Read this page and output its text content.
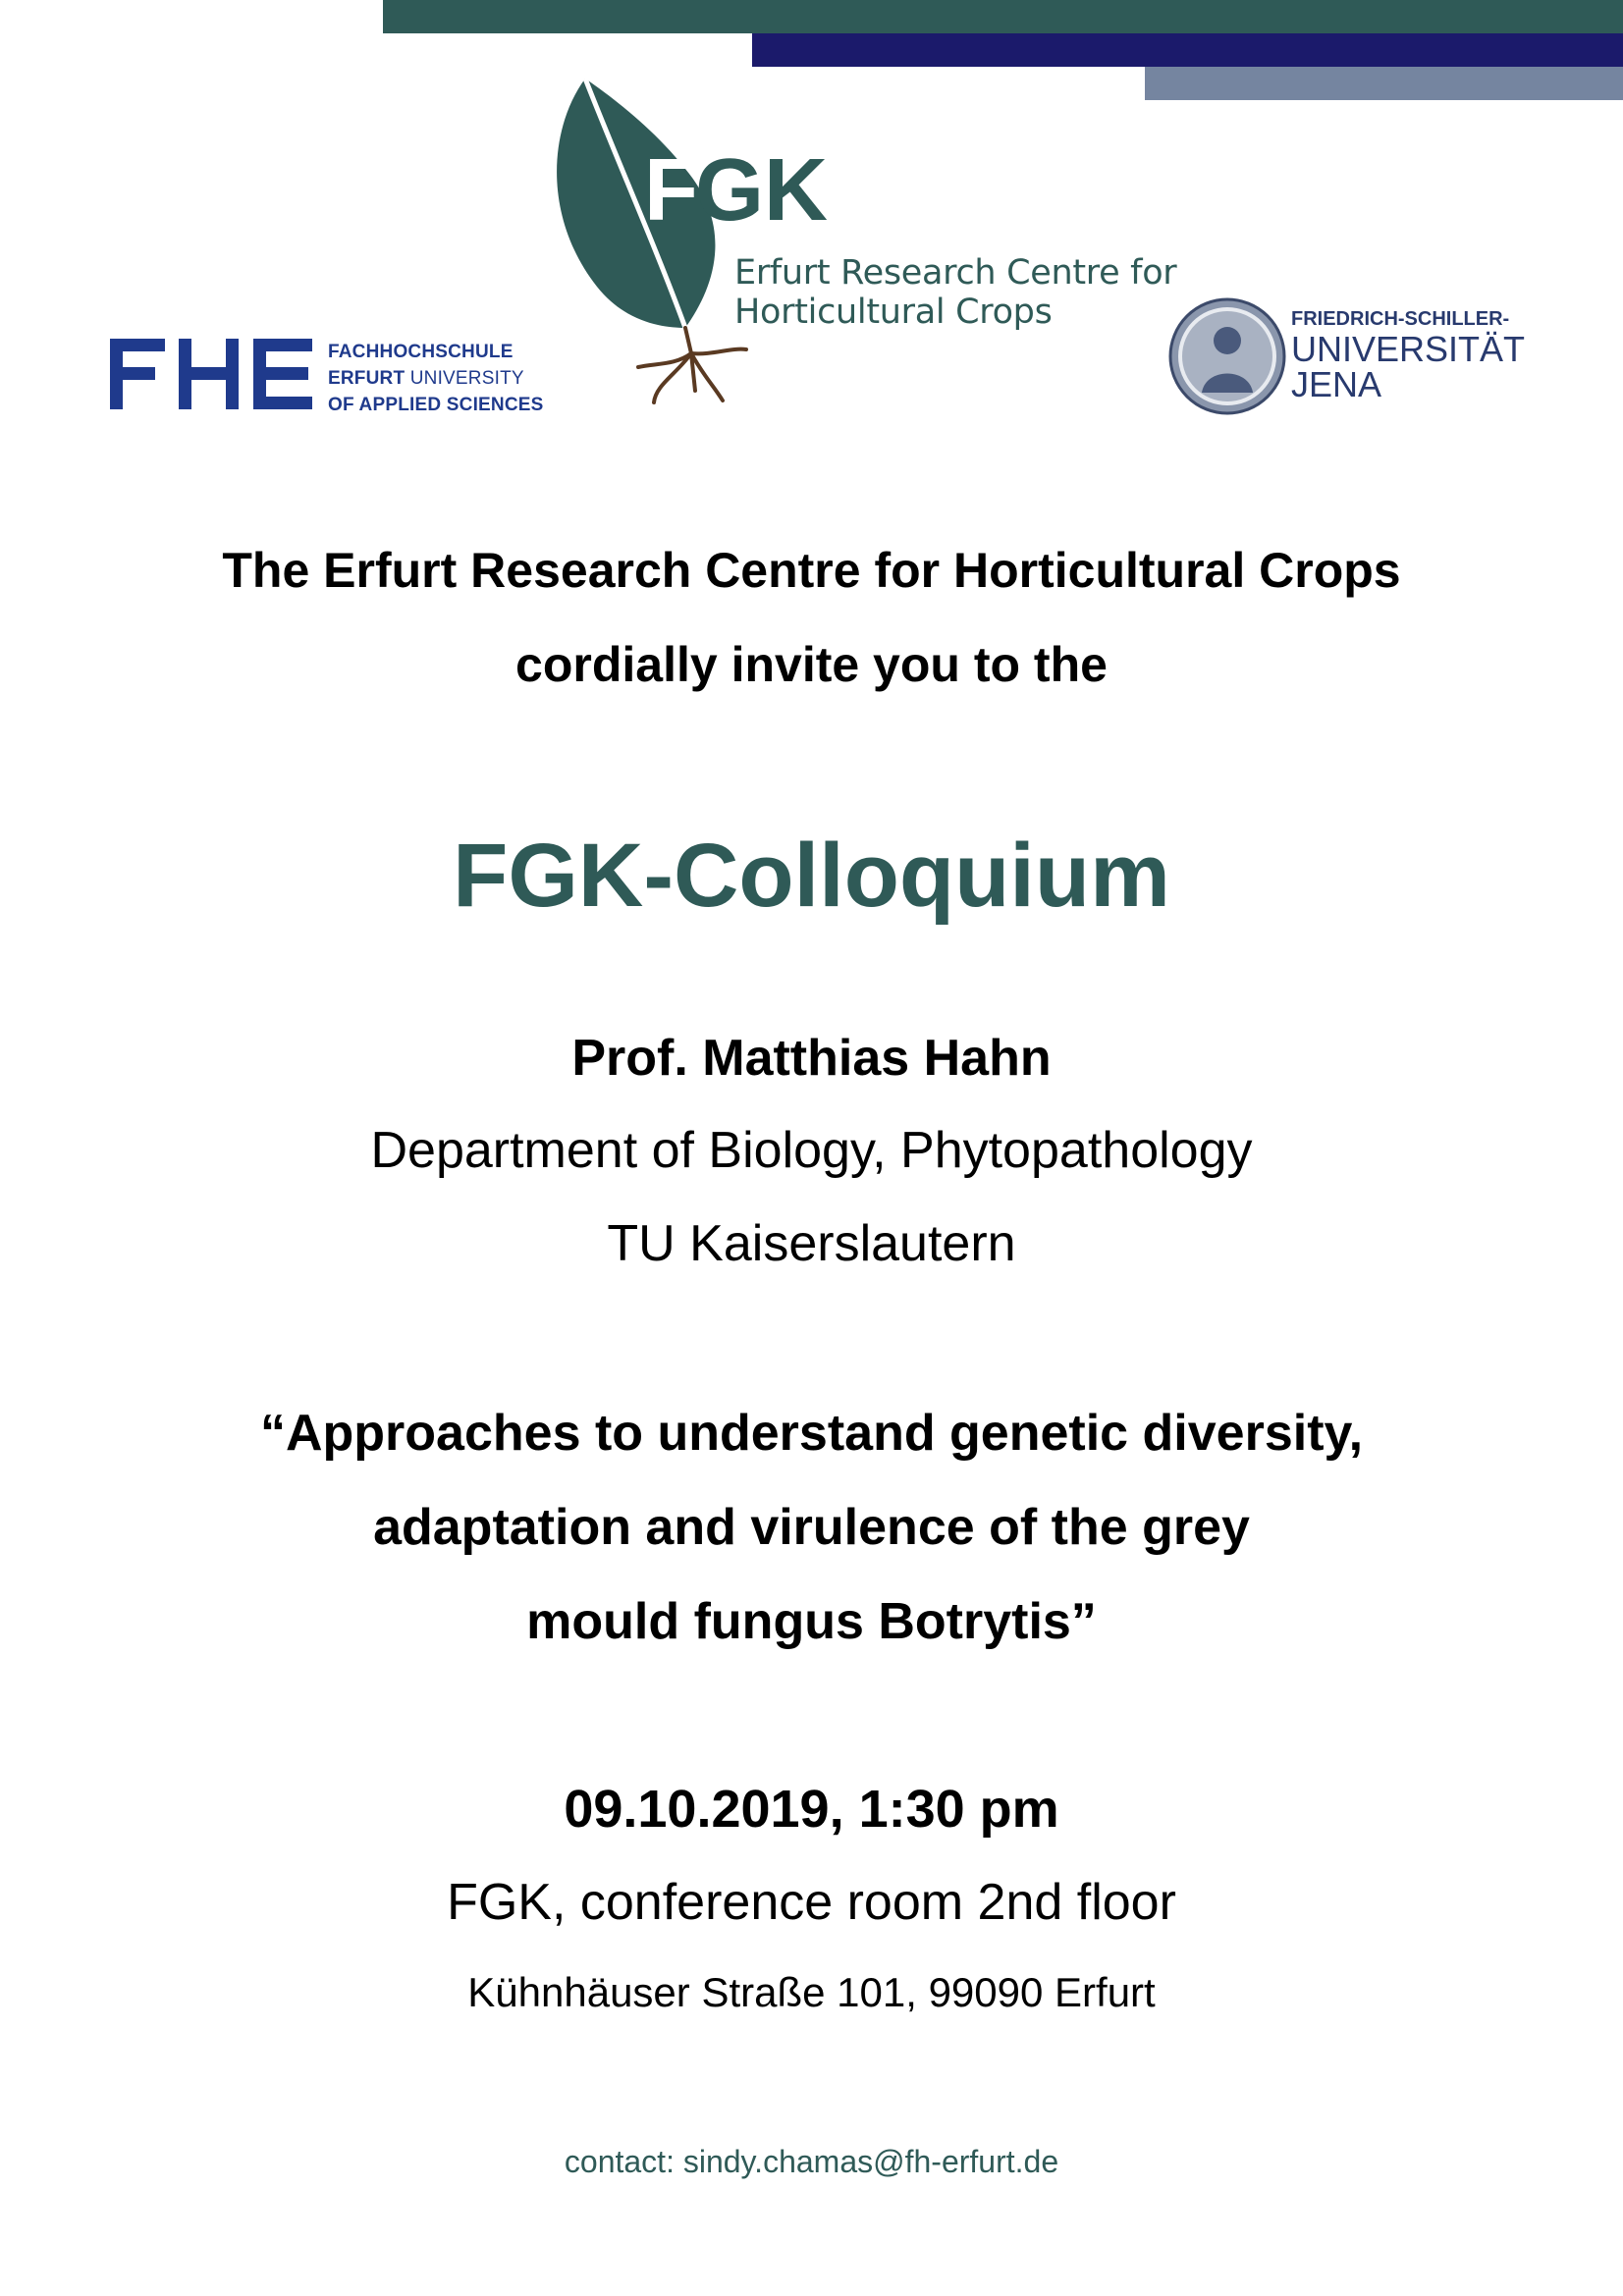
FACHHOCHSCHULE
ERFURT UNIVERSITY
OF APPLIED SCIENCES
F
GK
Erfurt Research Centre for
Horticultural Crops	FRIEDRICH-SCHILLER-
UNIVERSITÄT
JENA
The Erfurt Research Centre for Horticultural Crops
cordially invite you to the
FGK-Colloquium
Prof. Matthias Hahn
Department of Biology, Phytopathology
TU Kaiserslautern
“Approaches to understand genetic diversity,
adaptation and virulence of the grey
mould fungus Botrytis”
09.10.2019, 1:30 pm
FGK, conference room 2nd floor
Kühnhäuser Straße 101, 99090 Erfurt
contact: sindy.chamas@fh-erfurt.de
